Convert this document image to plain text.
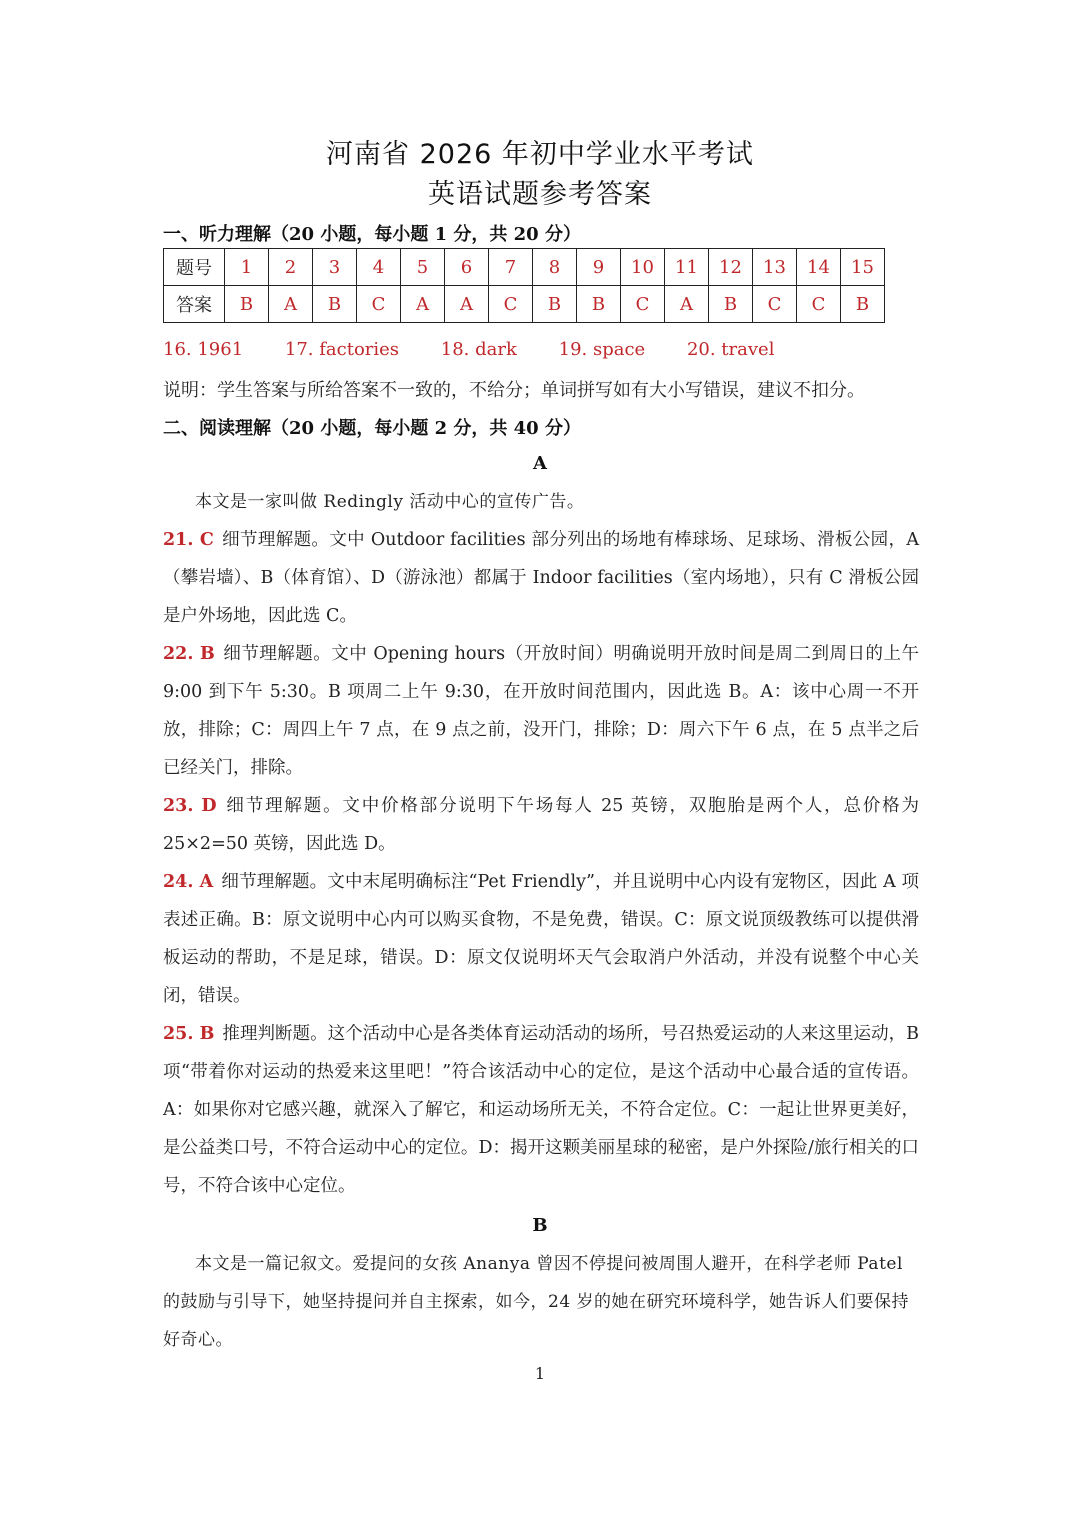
河南省 2026 年初中学业水平考试
英语试题参考答案
一、听力理解（20 小题，每小题 1 分，共 20 分）
题号	1	2	3	4	5	6	7	8	9	10	11	12	13	14	15
答案	B	A	B	C	A	A	C	B	B	C	A	B	C	C	B
16. 1961 17. factories 18. dark 19. space 20. travel
说明：学生答案与所给答案不一致的，不给分；单词拼写如有大小写错误，建议不扣分。
二、阅读理解（20 小题，每小题 2 分，共 40 分）
A
本文是一家叫做 Redingly 活动中心的宣传广告。
21. C 细节理解题。文中 Outdoor facilities 部分列出的场地有棒球场、足球场、滑板公园，A（攀岩墙）、B（体育馆）、D（游泳池）都属于 Indoor facilities（室内场地），只有 C 滑板公园是户外场地，因此选 C。
22. B 细节理解题。文中 Opening hours（开放时间）明确说明开放时间是周二到周日的上午 9:00 到下午 5:30。B 项周二上午 9:30，在开放时间范围内，因此选 B。A：该中心周一不开放，排除；C：周四上午 7 点，在 9 点之前，没开门，排除；D：周六下午 6 点，在 5 点半之后已经关门，排除。
23. D 细节理解题。文中价格部分说明下午场每人 25 英镑，双胞胎是两个人，总价格为 25×2=50 英镑，因此选 D。
24. A 细节理解题。文中末尾明确标注“Pet Friendly”，并且说明中心内设有宠物区，因此 A 项表述正确。B：原文说明中心内可以购买食物，不是免费，错误。C：原文说顶级教练可以提供滑板运动的帮助，不是足球，错误。D：原文仅说明坏天气会取消户外活动，并没有说整个中心关闭，错误。
25. B 推理判断题。这个活动中心是各类体育运动活动的场所，号召热爱运动的人来这里运动，B 项“带着你对运动的热爱来这里吧！”符合该活动中心的定位，是这个活动中心最合适的宣传语。A：如果你对它感兴趣，就深入了解它，和运动场所无关，不符合定位。C：一起让世界更美好，是公益类口号，不符合运动中心的定位。D：揭开这颗美丽星球的秘密，是户外探险/旅行相关的口号，不符合该中心定位。
B
本文是一篇记叙文。爱提问的女孩 Ananya 曾因不停提问被周围人避开，在科学老师 Patel 的鼓励与引导下，她坚持提问并自主探索，如今，24 岁的她在研究环境科学，她告诉人们要保持好奇心。
1
